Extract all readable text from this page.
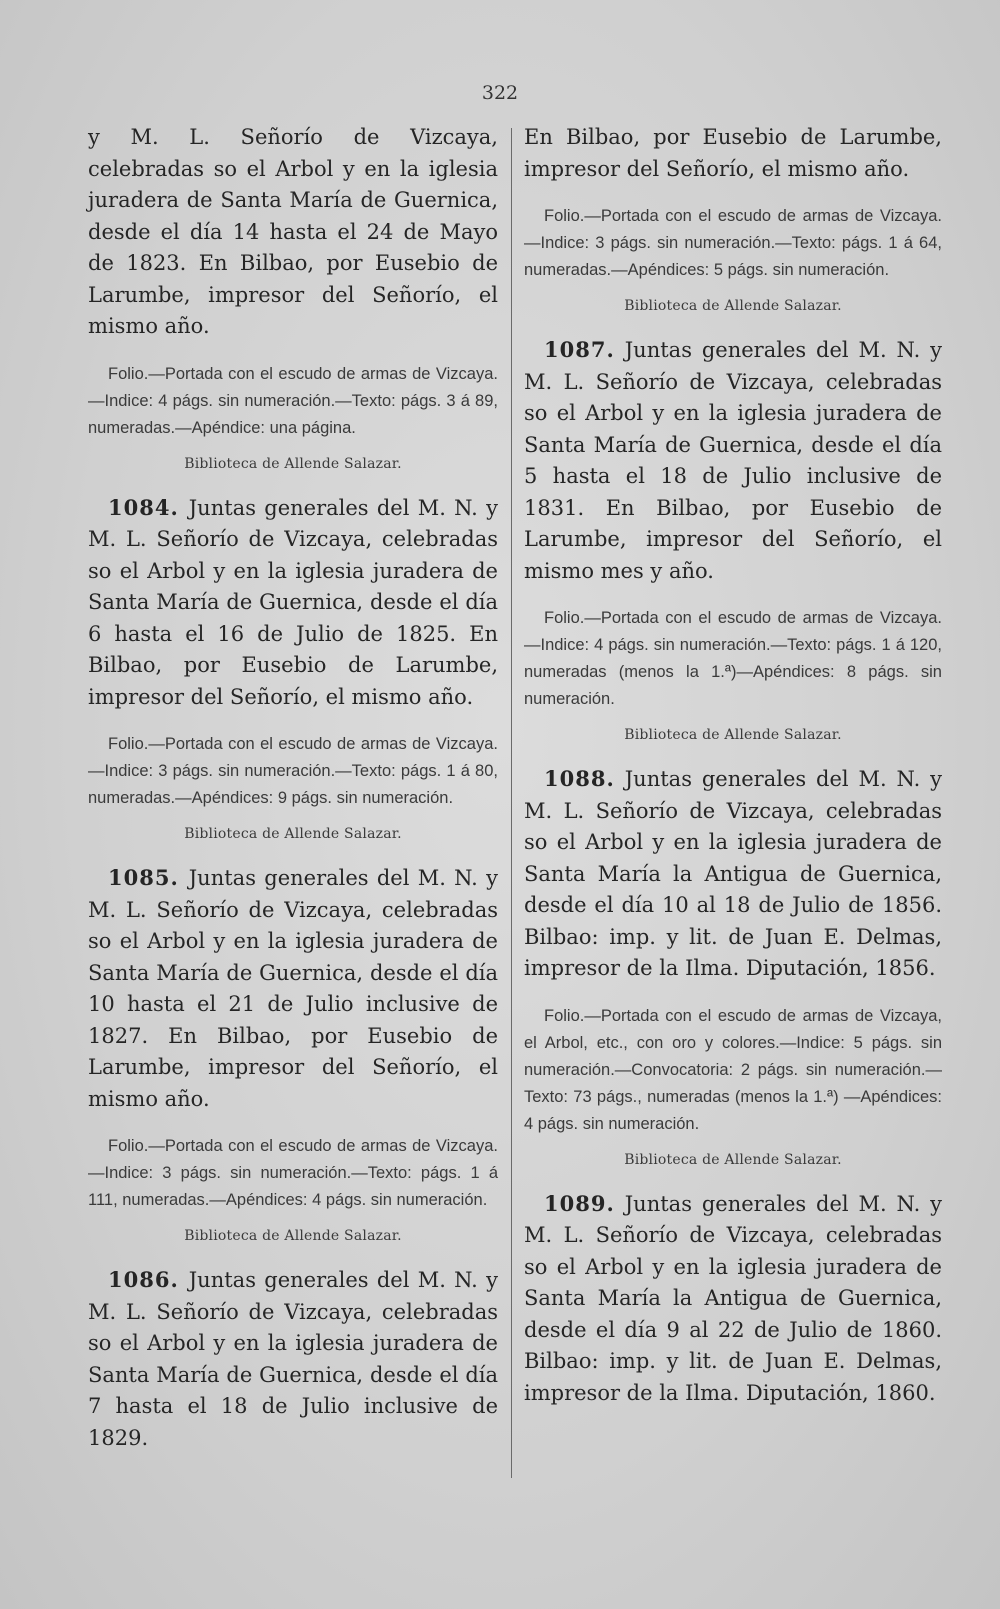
322

y M. L. Señorío de Vizcaya, celebradas so el Arbol y en la iglesia juradera de Santa María de Guernica, desde el día 14 hasta el 24 de Mayo de 1823. En Bilbao, por Eusebio de Larumbe, impresor del Señorío, el mismo año.

Folio.—Portada con el escudo de armas de Vizcaya.—Indice: 4 págs. sin numeración.—Texto: págs. 3 á 89, numeradas.—Apéndice: una página.

Biblioteca de Allende Salazar.

1084. Juntas generales del M. N. y M. L. Señorío de Vizcaya, celebradas so el Arbol y en la iglesia juradera de Santa María de Guernica, desde el día 6 hasta el 16 de Julio de 1825. En Bilbao, por Eusebio de Larumbe, impresor del Señorío, el mismo año.

Folio.—Portada con el escudo de armas de Vizcaya.—Indice: 3 págs. sin numeración.—Texto: págs. 1 á 80, numeradas.—Apéndices: 9 págs. sin numeración.

Biblioteca de Allende Salazar.

1085. Juntas generales del M. N. y M. L. Señorío de Vizcaya, celebradas so el Arbol y en la iglesia juradera de Santa María de Guernica, desde el día 10 hasta el 21 de Julio inclusive de 1827. En Bilbao, por Eusebio de Larumbe, impresor del Señorío, el mismo año.

Folio.—Portada con el escudo de armas de Vizcaya.—Indice: 3 págs. sin numeración.—Texto: págs. 1 á 111, numeradas.—Apéndices: 4 págs. sin numeración.

Biblioteca de Allende Salazar.

1086. Juntas generales del M. N. y M. L. Señorío de Vizcaya, celebradas so el Arbol y en la iglesia juradera de Santa María de Guernica, desde el día 7 hasta el 18 de Julio inclusive de 1829.

En Bilbao, por Eusebio de Larumbe, impresor del Señorío, el mismo año.

Folio.—Portada con el escudo de armas de Vizcaya.—Indice: 3 págs. sin numeración.—Texto: págs. 1 á 64, numeradas.—Apéndices: 5 págs. sin numeración.

Biblioteca de Allende Salazar.

1087. Juntas generales del M. N. y M. L. Señorío de Vizcaya, celebradas so el Arbol y en la iglesia juradera de Santa María de Guernica, desde el día 5 hasta el 18 de Julio inclusive de 1831. En Bilbao, por Eusebio de Larumbe, impresor del Señorío, el mismo mes y año.

Folio.—Portada con el escudo de armas de Vizcaya.—Indice: 4 págs. sin numeración.—Texto: págs. 1 á 120, numeradas (menos la 1.ª)—Apéndices: 8 págs. sin numeración.

Biblioteca de Allende Salazar.

1088. Juntas generales del M. N. y M. L. Señorío de Vizcaya, celebradas so el Arbol y en la iglesia juradera de Santa María la Antigua de Guernica, desde el día 10 al 18 de Julio de 1856. Bilbao: imp. y lit. de Juan E. Delmas, impresor de la Ilma. Diputación, 1856.

Folio.—Portada con el escudo de armas de Vizcaya, el Arbol, etc., con oro y colores.—Indice: 5 págs. sin numeración.—Convocatoria: 2 págs. sin numeración.—Texto: 73 págs., numeradas (menos la 1.ª) —Apéndices: 4 págs. sin numeración.

Biblioteca de Allende Salazar.

1089. Juntas generales del M. N. y M. L. Señorío de Vizcaya, celebradas so el Arbol y en la iglesia juradera de Santa María la Antigua de Guernica, desde el día 9 al 22 de Julio de 1860. Bilbao: imp. y lit. de Juan E. Delmas, impresor de la Ilma. Diputación, 1860.
